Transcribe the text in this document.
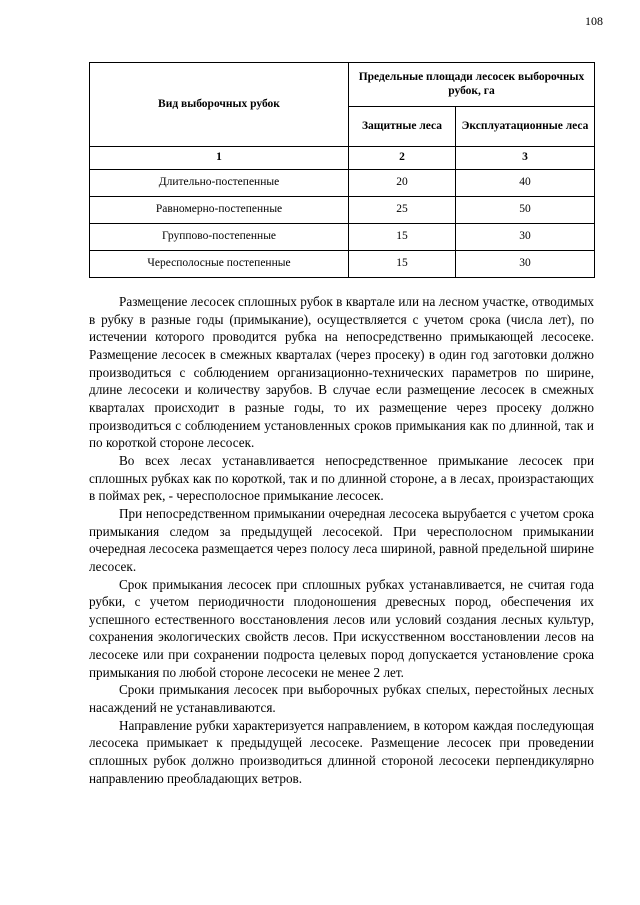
108
Вид выборочных рубок	Предельные площади лесосек выборочных рубок, га	
	Защитные леса	Эксплуатационные леса
1	2	3
Длительно-постепенные	20	40
Равномерно-постепенные	25	50
Группово-постепенные	15	30
Чересполосные постепенные	15	30

Размещение лесосек сплошных рубок в квартале или на лесном участке, отводимых в рубку в разные годы (примыкание), осуществляется с учетом срока (числа лет), по истечении которого проводится рубка на непосредственно примыкающей лесосеке. Размещение лесосек в смежных кварталах (через просеку) в один год заготовки должно производиться с соблюдением организационно-технических параметров по ширине, длине лесосеки и количеству зарубов. В случае если размещение лесосек в смежных кварталах происходит в разные годы, то их размещение через просеку должно производиться с соблюдением установленных сроков примыкания как по длинной, так и по короткой стороне лесосек.

Во всех лесах устанавливается непосредственное примыкание лесосек при сплошных рубках как по короткой, так и по длинной стороне, а в лесах, произрастающих в поймах рек, - чересполосное примыкание лесосек.

При непосредственном примыкании очередная лесосека вырубается с учетом срока примыкания следом за предыдущей лесосекой. При чересполосном примыкании очередная лесосека размещается через полосу леса шириной, равной предельной ширине лесосек.

Срок примыкания лесосек при сплошных рубках устанавливается, не считая года рубки, с учетом периодичности плодоношения древесных пород, обеспечения их успешного естественного восстановления лесов или условий создания лесных культур, сохранения экологических свойств лесов. При искусственном восстановлении лесов на лесосеке или при сохранении подроста целевых пород допускается установление срока примыкания по любой стороне лесосеки не менее 2 лет.

Сроки примыкания лесосек при выборочных рубках спелых, перестойных лесных насаждений не устанавливаются.

Направление рубки характеризуется направлением, в котором каждая последующая лесосека примыкает к предыдущей лесосеке. Размещение лесосек при проведении сплошных рубок должно производиться длинной стороной лесосеки перпендикулярно направлению преобладающих ветров.
